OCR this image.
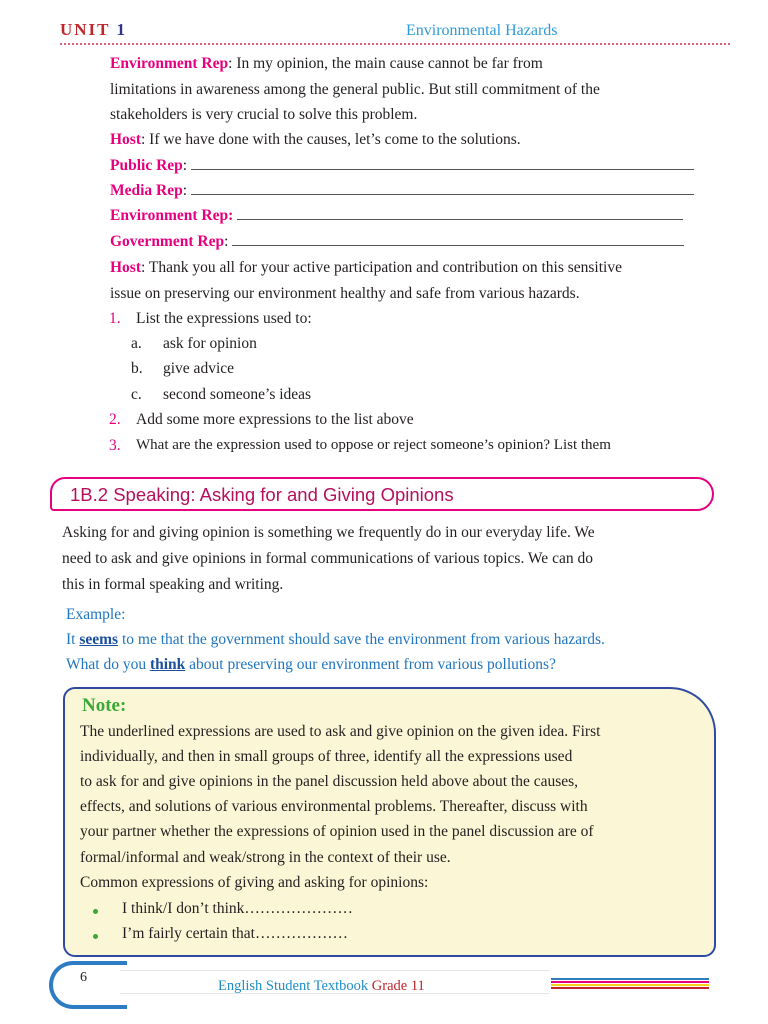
UNIT 1	Environmental Hazards
Environment Rep: In my opinion, the main cause cannot be far from
limitations in awareness among the general public. But still commitment of the
stakeholders is very crucial to solve this problem.
Host: If we have done with the causes, let’s come to the solutions.
Public Rep:
Media Rep:
Environment Rep:
Government Rep:
Host: Thank you all for your active participation and contribution on this sensitive
issue on preserving our environment healthy and safe from various hazards.
1. List the expressions used to:
a. ask for opinion
b. give advice
c. second someone’s ideas
2. Add some more expressions to the list above
3. What are the expression used to oppose or reject someone’s opinion? List them
1B.2 Speaking: Asking for and Giving Opinions
Asking for and giving opinion is something we frequently do in our everyday life. We
need to ask and give opinions in formal communications of various topics. We can do
this in formal speaking and writing.
Example:
It seems to me that the government should save the environment from various hazards.
What do you think about preserving our environment from various pollutions?
Note:
The underlined expressions are used to ask and give opinion on the given idea. First
individually, and then in small groups of three, identify all the expressions used
to ask for and give opinions in the panel discussion held above about the causes,
effects, and solutions of various environmental problems. Thereafter, discuss with
your partner whether the expressions of opinion used in the panel discussion are of
formal/informal and weak/strong in the context of their use.
Common expressions of giving and asking for opinions:
I think/I don’t think…………………
I’m fairly certain that………………
6
English Student Textbook Grade 11
